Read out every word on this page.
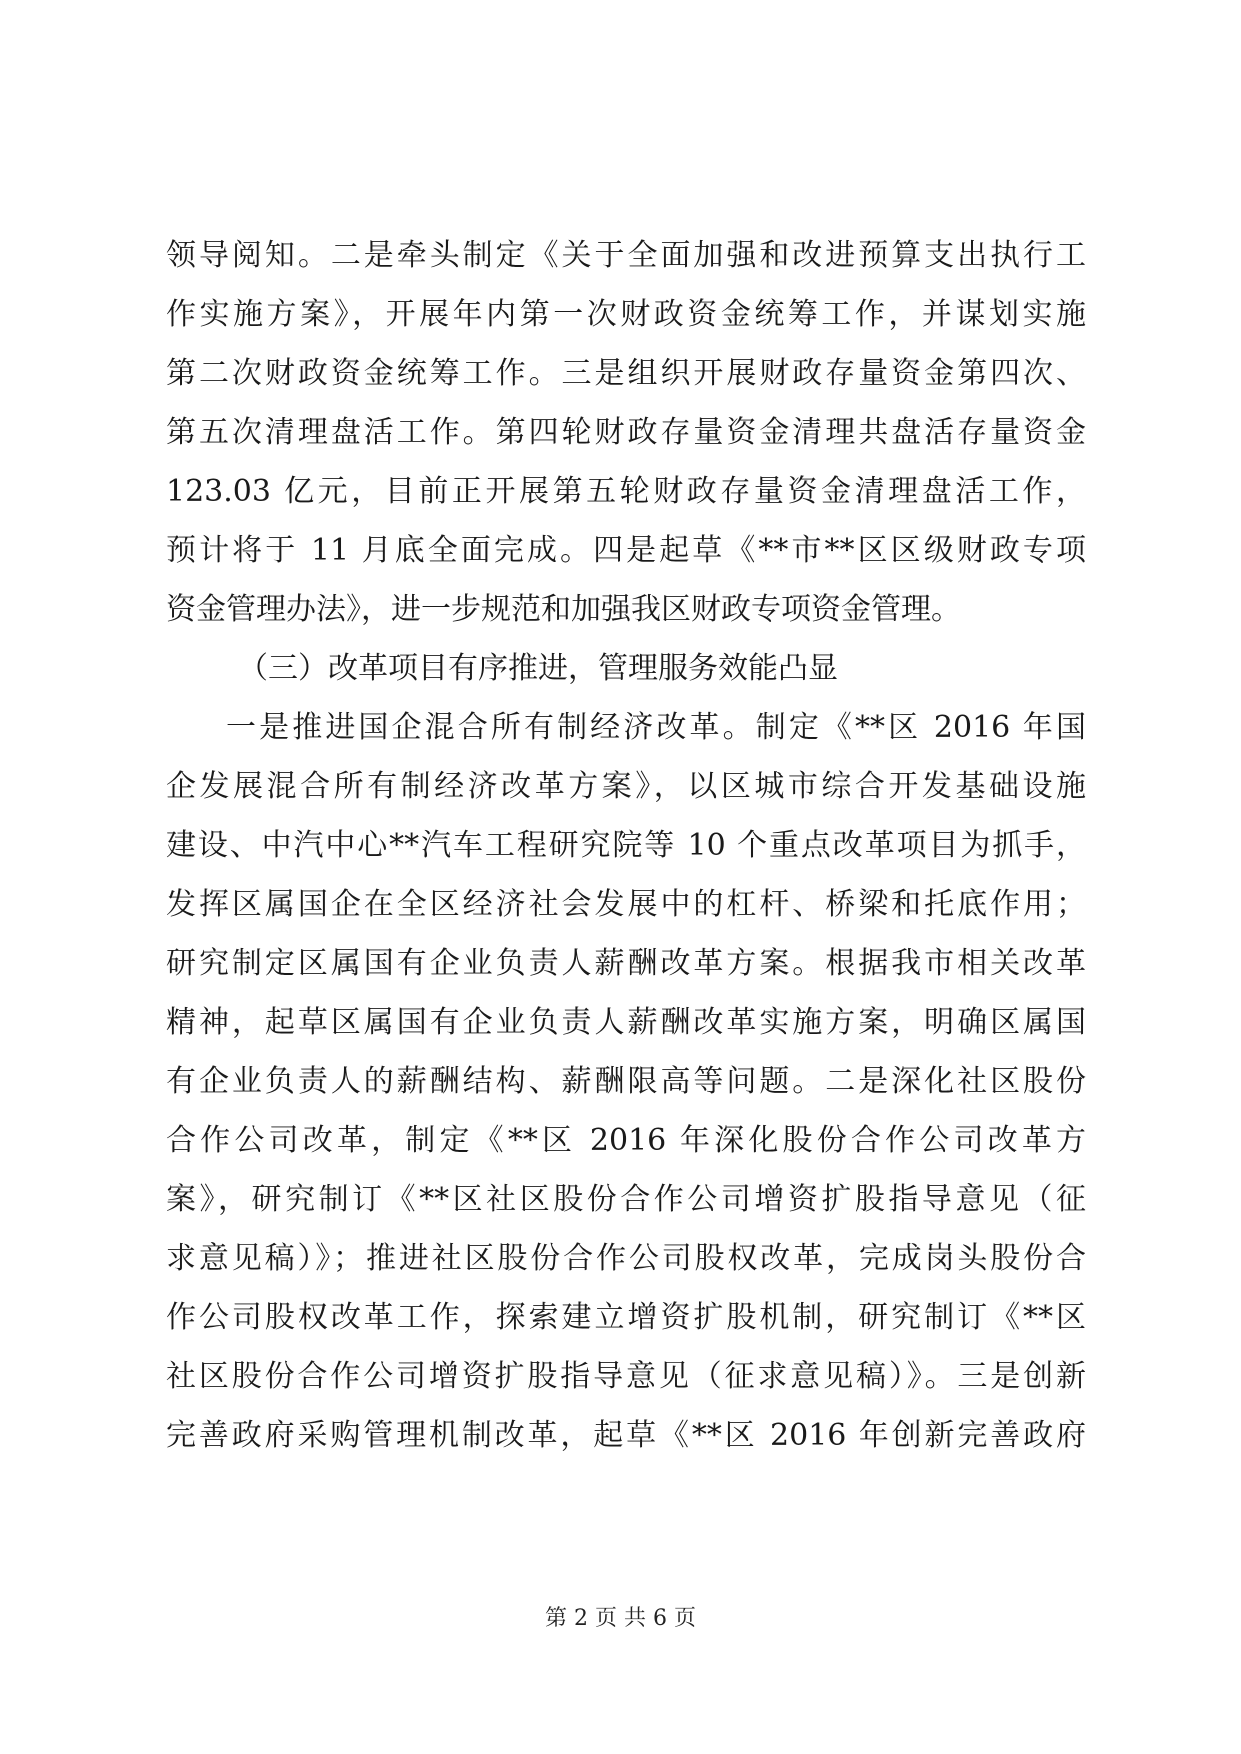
领导阅知。二是牵头制定《关于全面加强和改进预算支出执行工
作实施方案》，开展年内第一次财政资金统筹工作，并谋划实施
第二次财政资金统筹工作。三是组织开展财政存量资金第四次、
第五次清理盘活工作。第四轮财政存量资金清理共盘活存量资金
123.03 亿元，目前正开展第五轮财政存量资金清理盘活工作，
预计将于 11 月底全面完成。四是起草《**市**区区级财政专项
资金管理办法》，进一步规范和加强我区财政专项资金管理。
（三）改革项目有序推进，管理服务效能凸显
一是推进国企混合所有制经济改革。制定《**区 2016 年国
企发展混合所有制经济改革方案》，以区城市综合开发基础设施
建设、中汽中心**汽车工程研究院等 10 个重点改革项目为抓手，
发挥区属国企在全区经济社会发展中的杠杆、桥梁和托底作用；
研究制定区属国有企业负责人薪酬改革方案。根据我市相关改革
精神，起草区属国有企业负责人薪酬改革实施方案，明确区属国
有企业负责人的薪酬结构、薪酬限高等问题。二是深化社区股份
合作公司改革，制定《**区 2016 年深化股份合作公司改革方
案》，研究制订《**区社区股份合作公司增资扩股指导意见（征
求意见稿）》；推进社区股份合作公司股权改革，完成岗头股份合
作公司股权改革工作，探索建立增资扩股机制，研究制订《**区
社区股份合作公司增资扩股指导意见（征求意见稿）》。三是创新
完善政府采购管理机制改革，起草《**区 2016 年创新完善政府
第 2 页 共 6 页
